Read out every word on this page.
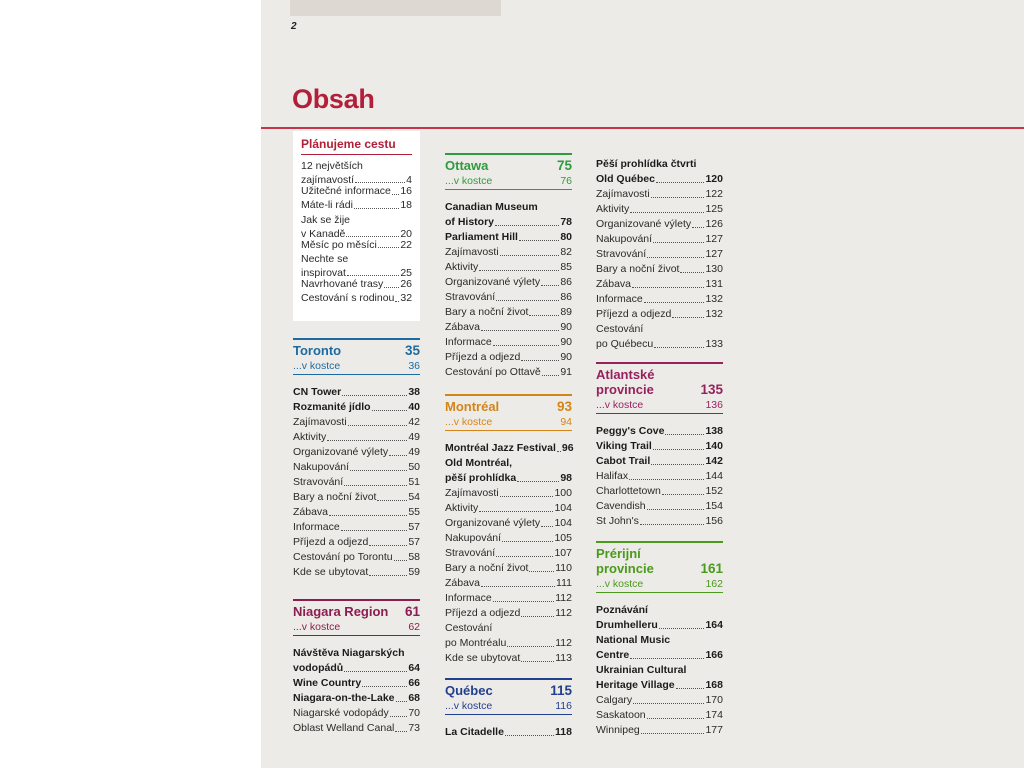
2
Obsah
Plánujeme cestu
12 největších
zajímavostí	4
Užitečné informace 16
Máte-li rádi	18
Jak se žije
v Kanadě	20
Měsíc po měsíci 22
Nechte se
inspirovat	25
Navrhované trasy 26
Cestování s rodinou 32
Toronto	35
...v kostce	36
CN Tower	38
Rozmanité jídlo	40
Zajímavosti	42
Aktivity	49
Organizované výlety 49
Nakupování	50
Stravování	51
Bary a noční život	54
Zábava	55
Informace	57
Příjezd a odjezd	57
Cestování po Torontu 58
Kde se ubytovat	59
Niagara Region 61
...v kostce	62
Návštěva Niagarských
vodopádů	64
Wine Country	66
Niagara-on-the-Lake 68
Niagarské vodopády 70
Oblast Welland Canal 73
Ottawa	75
...v kostce	76
Canadian Museum
of History	78
Parliament Hill	80
Zajímavosti	82
Aktivity	85
Organizované výlety 86
Stravování	86
Bary a noční život	89
Zábava	90
Informace	90
Příjezd a odjezd	90
Cestování po Ottavě 91
Montréal	93
...v kostce	94
Montréal Jazz Festival 96
Old Montréal,
pěší prohlídka	98
Zajímavosti	100
Aktivity	104
Organizované výlety 104
Nakupování	105
Stravování	107
Bary a noční život	110
Zábava	111
Informace	112
Příjezd a odjezd	112
Cestování
po Montréalu	112
Kde se ubytovat	113
Québec	115
...v kostce	116
La Citadelle	118
Pěší prohlídka čtvrti
Old Québec	120
Zajímavosti	122
Aktivity	125
Organizované výlety 126
Nakupování	127
Stravování	127
Bary a noční život 130
Zábava	131
Informace	132
Příjezd a odjezd	132
Cestování
po Québecu	133
Atlantské
provincie	135
...v kostce	136
Peggy's Cove	138
Viking Trail	140
Cabot Trail	142
Halifax	144
Charlottetown	152
Cavendish	154
St John's	156
Prérijní
provincie	161
...v kostce	162
Poznávání
Drumhelleru	164
National Music
Centre	166
Ukrainian Cultural
Heritage Village	168
Calgary	170
Saskatoon	174
Winnipeg	177
